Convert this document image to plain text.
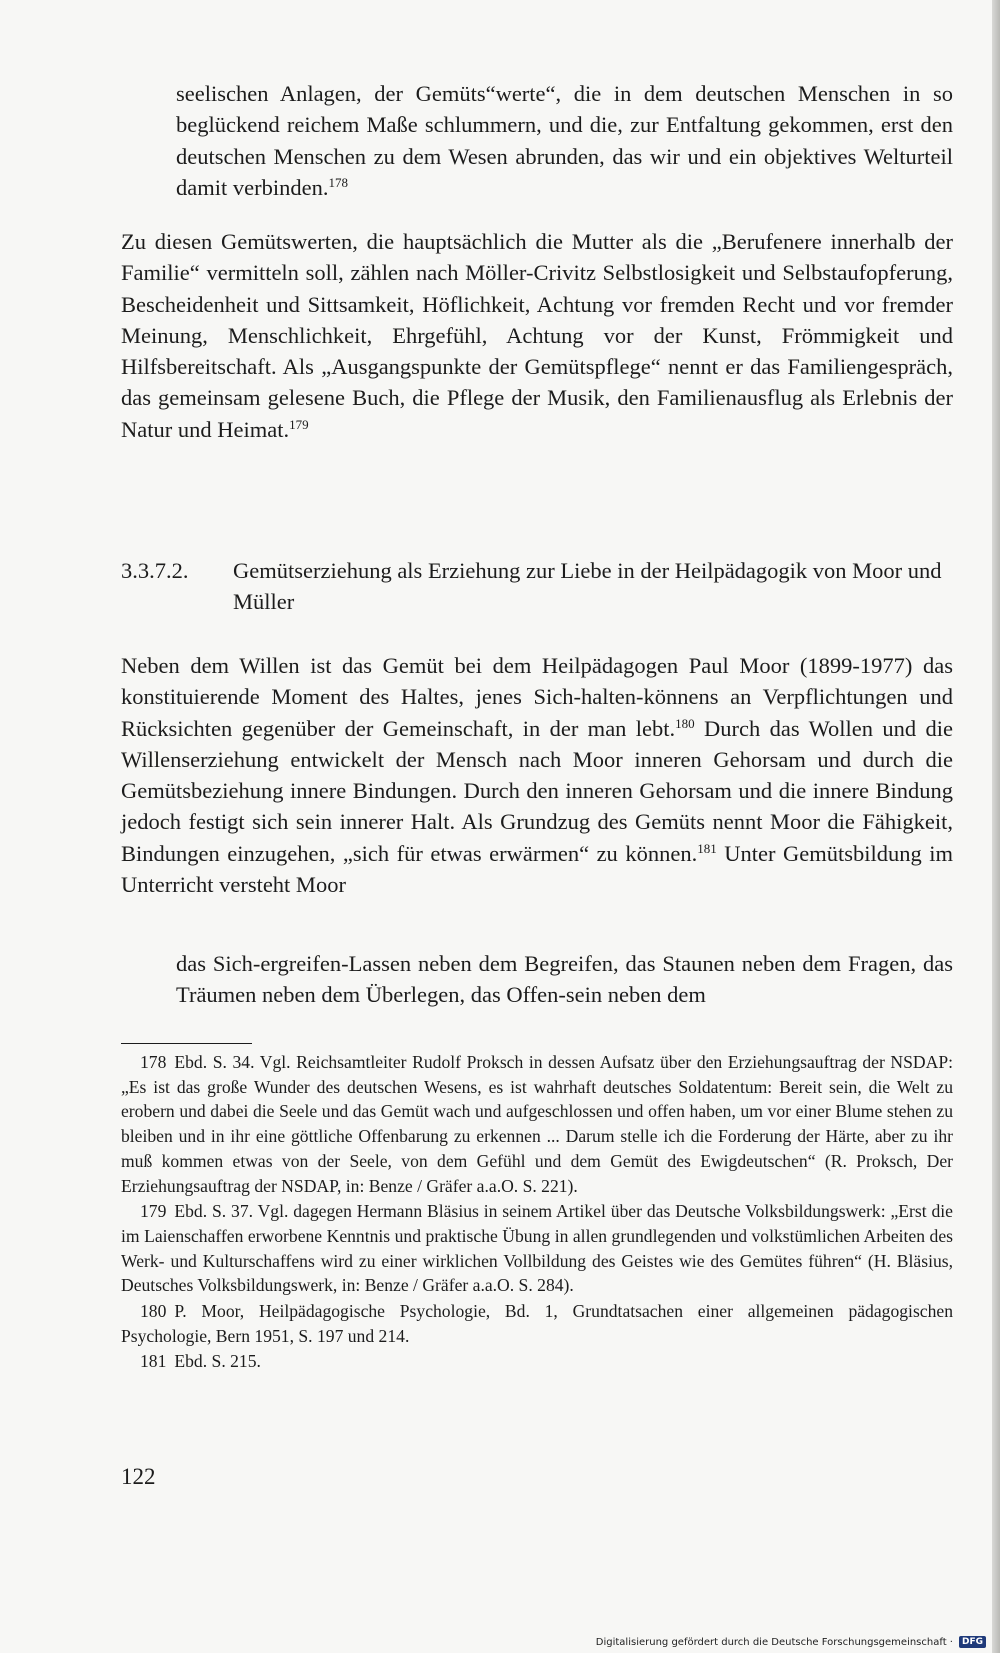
seelischen Anlagen, der Gemüts“werte“, die in dem deutschen Menschen in so beglückend reichem Maße schlummern, und die, zur Entfaltung gekommen, erst den deutschen Menschen zu dem Wesen abrunden, das wir und ein objektives Welturteil damit verbinden.$^{178}$
Zu diesen Gemütswerten, die hauptsächlich die Mutter als die „Berufenere innerhalb der Familie“ vermitteln soll, zählen nach Möller-Crivitz Selbstlosigkeit und Selbstaufopferung, Bescheidenheit und Sittsamkeit, Höflichkeit, Achtung vor fremden Recht und vor fremder Meinung, Menschlichkeit, Ehrgefühl, Achtung vor der Kunst, Frömmigkeit und Hilfsbereitschaft. Als „Ausgangspunkte der Gemütspflege“ nennt er das Familiengespräch, das gemeinsam gelesene Buch, die Pflege der Musik, den Familienausflug als Erlebnis der Natur und Heimat.$^{179}$
3.3.7.2. Gemütserziehung als Erziehung zur Liebe in der Heilpädagogik von Moor und Müller
Neben dem Willen ist das Gemüt bei dem Heilpädagogen Paul Moor (1899-1977) das konstituierende Moment des Haltes, jenes Sich-halten-könnens an Verpflichtungen und Rücksichten gegenüber der Gemeinschaft, in der man lebt.$^{180}$ Durch das Wollen und die Willenserziehung entwickelt der Mensch nach Moor inneren Gehorsam und durch die Gemütsbeziehung innere Bindungen. Durch den inneren Gehorsam und die innere Bindung jedoch festigt sich sein innerer Halt. Als Grundzug des Gemüts nennt Moor die Fähigkeit, Bindungen einzugehen, „sich für etwas erwärmen“ zu können.$^{181}$ Unter Gemütsbildung im Unterricht versteht Moor
das Sich-ergreifen-Lassen neben dem Begreifen, das Staunen neben dem Fragen, das Träumen neben dem Überlegen, das Offen-sein neben dem
178 Ebd. S. 34. Vgl. Reichsamtleiter Rudolf Proksch in dessen Aufsatz über den Erziehungsauftrag der NSDAP: „Es ist das große Wunder des deutschen Wesens, es ist wahrhaft deutsches Soldatentum: Bereit sein, die Welt zu erobern und dabei die Seele und das Gemüt wach und aufgeschlossen und offen haben, um vor einer Blume stehen zu bleiben und in ihr eine göttliche Offenbarung zu erkennen ... Darum stelle ich die Forderung der Härte, aber zu ihr muß kommen etwas von der Seele, von dem Gefühl und dem Gemüt des Ewigdeutschen“ (R. Proksch, Der Erziehungsauftrag der NSDAP, in: Benze / Gräfer a.a.O. S. 221).
179 Ebd. S. 37. Vgl. dagegen Hermann Bläsius in seinem Artikel über das Deutsche Volksbildungswerk: „Erst die im Laienschaffen erworbene Kenntnis und praktische Übung in allen grundlegenden und volkstümlichen Arbeiten des Werk- und Kulturschaffens wird zu einer wirklichen Vollbildung des Geistes wie des Gemütes führen“ (H. Bläsius, Deutsches Volksbildungswerk, in: Benze / Gräfer a.a.O. S. 284).
180 P. Moor, Heilpädagogische Psychologie, Bd. 1, Grundtatsachen einer allgemeinen pädagogischen Psychologie, Bern 1951, S. 197 und 214.
181 Ebd. S. 215.
122
Digitalisierung gefördert durch die Deutsche Forschungsgemeinschaft ·	DFG
